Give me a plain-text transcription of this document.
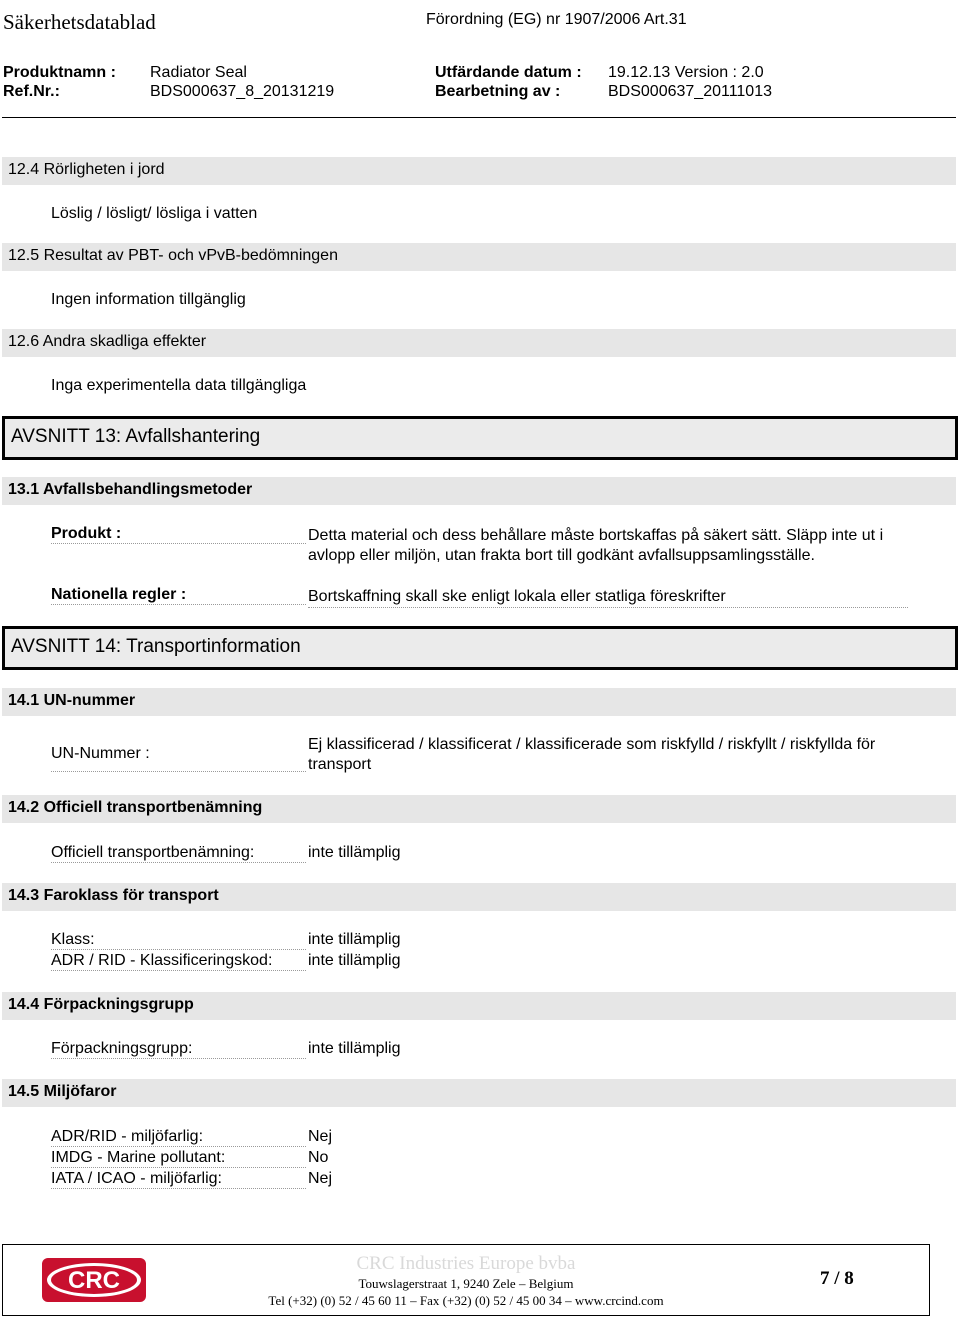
Säkerhetsdatablad	Förordning (EG) nr 1907/2006 Art.31
Produktnamn : Radiator Seal	Utfärdande datum : 19.12.13 Version : 2.0
Ref.Nr.:	BDS000637_8_20131219	Bearbetning av :	BDS000637_20111013
12.4 Rörligheten i jord
Löslig / lösligt/ lösliga i vatten
12.5 Resultat av PBT- och vPvB-bedömningen
Ingen information tillgänglig
12.6 Andra skadliga effekter
Inga experimentella data tillgängliga
AVSNITT 13: Avfallshantering
13.1 Avfallsbehandlingsmetoder
Produkt :	Detta material och dess behållare måste bortskaffas på säkert sätt. Släpp inte ut i avlopp eller miljön, utan frakta bort till godkänt avfallsuppsamlingsställe.
Nationella regler :	Bortskaffning skall ske enligt lokala eller statliga föreskrifter
AVSNITT 14: Transportinformation
14.1 UN-nummer
UN-Nummer :
Ej klassificerad / klassificerat / klassificerade som riskfylld / riskfyllt / riskfyllda för transport
14.2 Officiell transportbenämning
Officiell transportbenämning:	inte tillämplig
14.3 Faroklass för transport
Klass:	inte tillämplig
ADR / RID - Klassificeringskod:	inte tillämplig
14.4 Förpackningsgrupp
Förpackningsgrupp:	inte tillämplig
14.5 Miljöfaror
ADR/RID - miljöfarlig:	Nej
IMDG - Marine pollutant:	No
IATA / ICAO - miljöfarlig:	Nej
CRC
CRC Industries Europe bvba
Touwslagerstraat 1, 9240 Zele – Belgium
Tel (+32) (0) 52 / 45 60 11 – Fax (+32) (0) 52 / 45 00 34 – www.crcind.com
7 / 8
